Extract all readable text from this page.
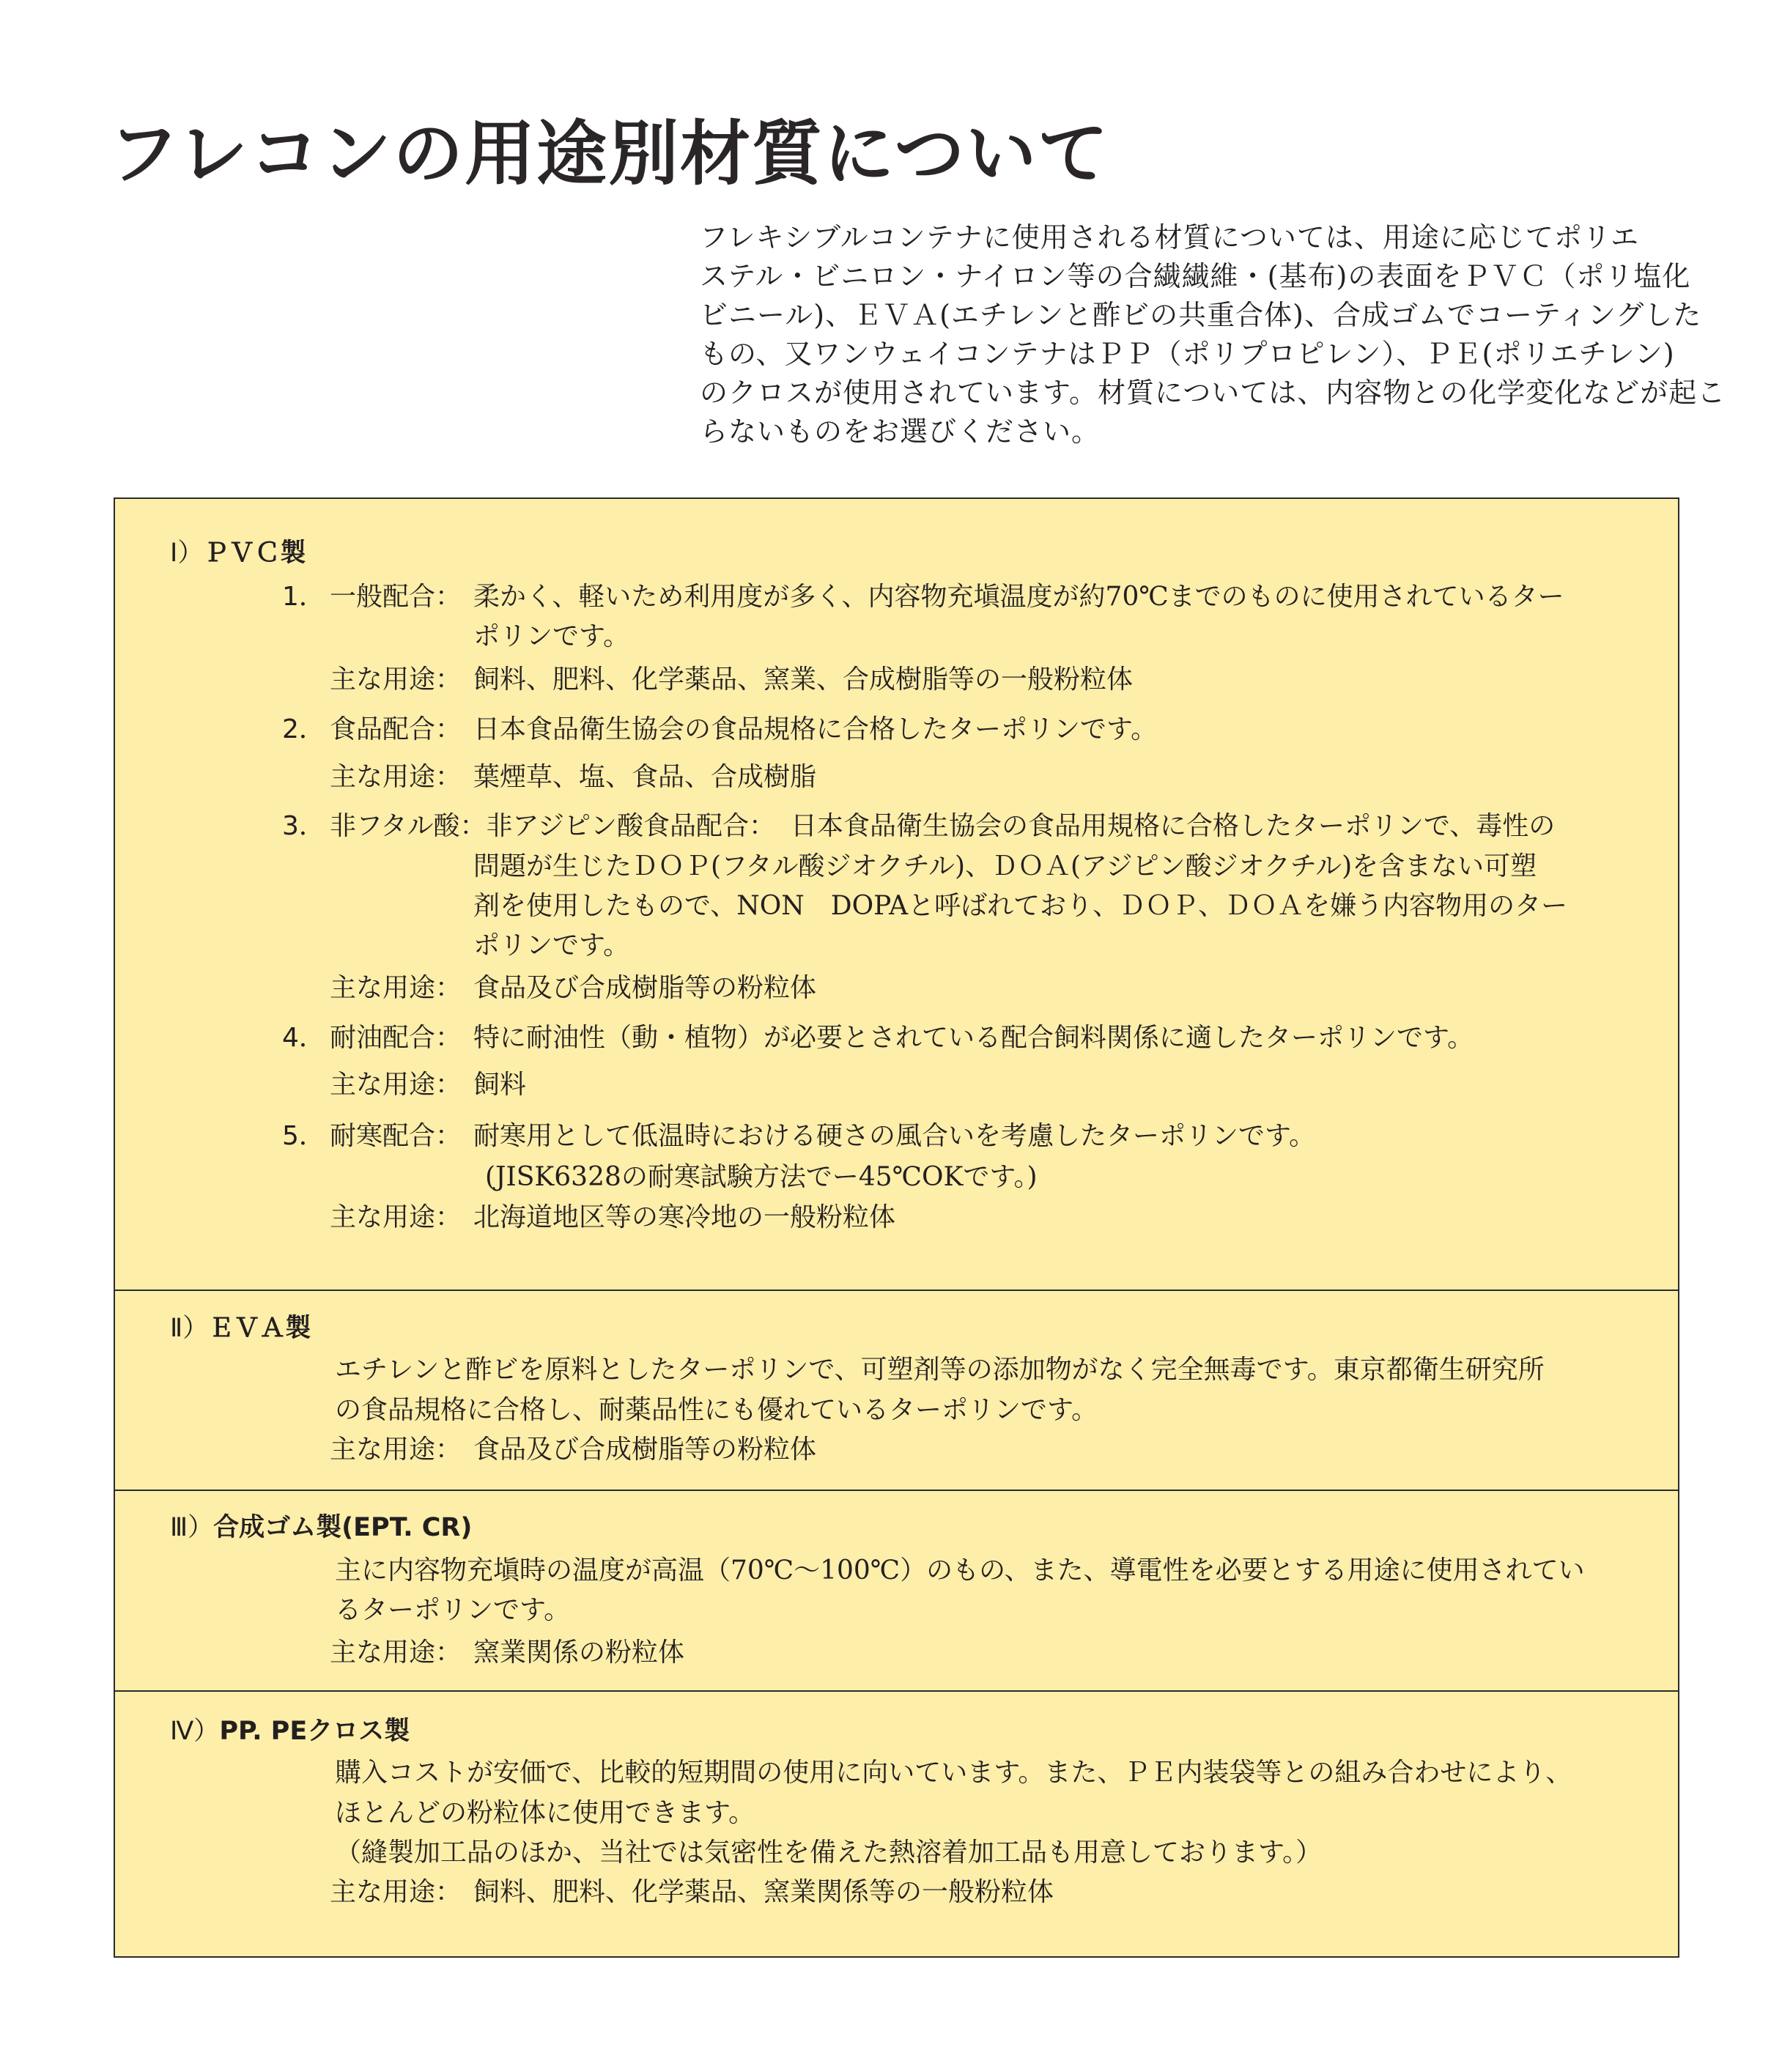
フレコンの用途別材質について
フレキシブルコンテナに使用される材質については、用途に応じてポリエ
ステル・ビニロン・ナイロン等の合繊繊維・(基布)の表面をＰＶＣ（ポリ塩化
ビニール)、ＥＶＡ(エチレンと酢ビの共重合体)、合成ゴムでコーティングした
もの、又ワンウェイコンテナはＰＰ（ポリプロピレン）、ＰＥ(ポリエチレン)
のクロスが使用されています。材質については、内容物との化学変化などが起こ
らないものをお選びください。
Ⅰ）ＰＶＣ製
1． 一般配合： 柔かく、軽いため利用度が多く、内容物充塡温度が約70℃までのものに使用されているター
ポリンです。
主な用途： 飼料、肥料、化学薬品、窯業、合成樹脂等の一般粉粒体
2． 食品配合： 日本食品衛生協会の食品規格に合格したターポリンです。
主な用途： 葉煙草、塩、食品、合成樹脂
3． 非フタル酸：非アジピン酸食品配合： 日本食品衛生協会の食品用規格に合格したターポリンで、毒性の
問題が生じたＤＯＰ(フタル酸ジオクチル)、ＤＯＡ(アジピン酸ジオクチル)を含まない可塑
剤を使用したもので、NON　DOPAと呼ばれており、ＤＯＰ、ＤＯＡを嫌う内容物用のター
ポリンです。
主な用途： 食品及び合成樹脂等の粉粒体
4． 耐油配合： 特に耐油性（動・植物）が必要とされている配合飼料関係に適したターポリンです。
主な用途： 飼料
5． 耐寒配合： 耐寒用として低温時における硬さの風合いを考慮したターポリンです。
(JISK6328の耐寒試験方法でー45℃OKです。)
主な用途： 北海道地区等の寒冷地の一般粉粒体
Ⅱ）ＥＶＡ製
エチレンと酢ビを原料としたターポリンで、可塑剤等の添加物がなく完全無毒です。東京都衛生研究所
の食品規格に合格し、耐薬品性にも優れているターポリンです。
主な用途： 食品及び合成樹脂等の粉粒体
Ⅲ）合成ゴム製(EPT. CR)
主に内容物充塡時の温度が高温（70℃～100℃）のもの、また、導電性を必要とする用途に使用されてい
るターポリンです。
主な用途： 窯業関係の粉粒体
Ⅳ）PP. PEクロス製
購入コストが安価で、比較的短期間の使用に向いています。また、ＰＥ内装袋等との組み合わせにより、
ほとんどの粉粒体に使用できます。
（縫製加工品のほか、当社では気密性を備えた熱溶着加工品も用意しております。）
主な用途： 飼料、肥料、化学薬品、窯業関係等の一般粉粒体
